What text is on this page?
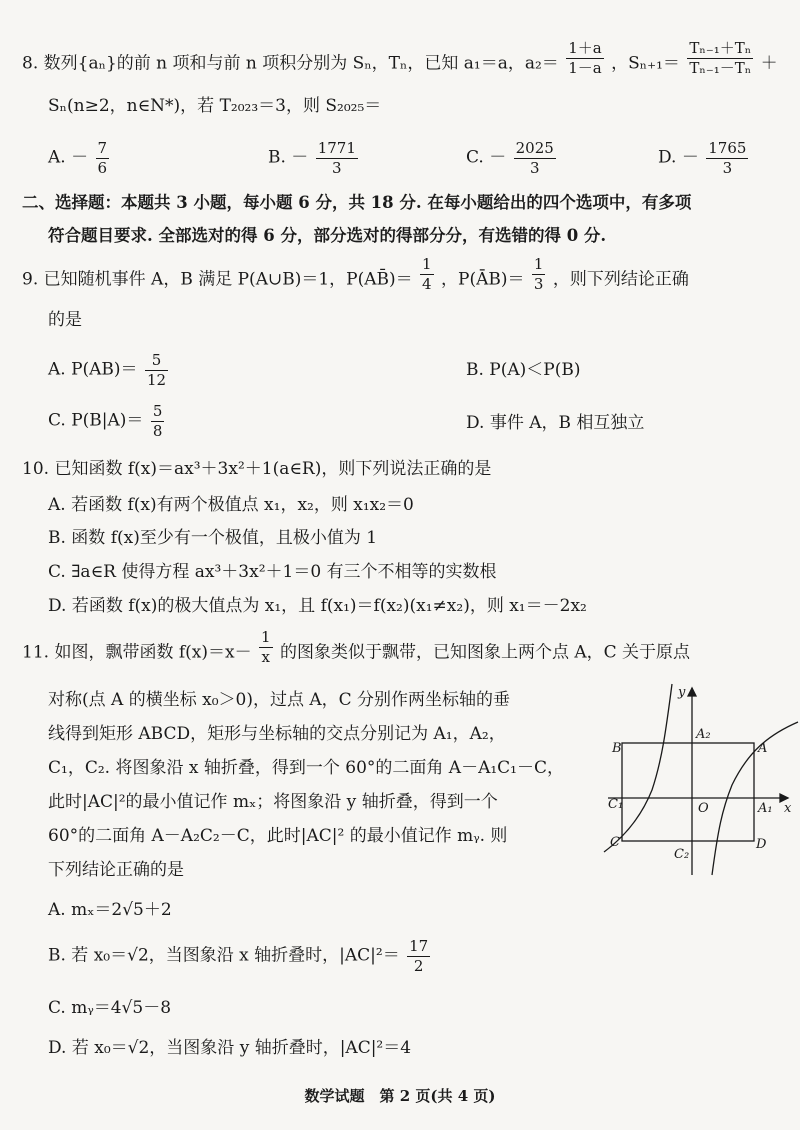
8. 数列{aₙ}的前 n 项和与前 n 项积分别为 Sₙ，Tₙ，已知 a₁＝a，$a_2= \frac{1+a}{1-a}$ ，$S_{n+1}= \frac{\text{Tₙ₋₁＋Tₙ}}{\text{Tₙ₋₁－Tₙ}}$ ＋
Sₙ(n≥2，n∈N*)，若 T₂₀₂₃＝3，则 S₂₀₂₅＝
A. － $\frac{7}{6}$	B. － $\frac{1771}{3}$	C. － $\frac{2025}{3}$	D. － $\frac{1765}{3}$
二、选择题：本题共 3 小题，每小题 6 分，共 18 分. 在每小题给出的四个选项中，有多项
符合题目要求. 全部选对的得 6 分，部分选对的得部分分，有选错的得 0 分.
9. 已知随机事件 A，B 满足 P(A∪B)＝1，P(AB̄)＝ $\frac{1}{4}$ ，P(ĀB)＝ $\frac{1}{3}$ ，则下列结论正确
的是
A. $P(AB)= \frac{5}{12}$	B. P(A)＜P(B)
C. $P(B|A)= \frac{5}{8}$	D. 事件 A，B 相互独立
10. 已知函数 f(x)＝ax³＋3x²＋1(a∈R)，则下列说法正确的是
A. 若函数 f(x)有两个极值点 x₁，x₂，则 x₁x₂＝0
B. 函数 f(x)至少有一个极值，且极小值为 1
C. ∃a∈R 使得方程 ax³＋3x²＋1＝0 有三个不相等的实数根
D. 若函数 f(x)的极大值点为 x₁，且 f(x₁)＝f(x₂)(x₁≠x₂)，则 x₁＝－2x₂
11. 如图，飘带函数 $f(x)=x- \frac{1}{x}$ 的图象类似于飘带，已知图象上两个点 A，C 关于原点
对称(点 A 的横坐标 x₀＞0)，过点 A，C 分别作两坐标轴的垂
线得到矩形 ABCD，矩形与坐标轴的交点分别记为 A₁，A₂，
C₁，C₂. 将图象沿 x 轴折叠，得到一个 60°的二面角 A－A₁C₁－C，
此时|AC|²的最小值记作 mₓ；将图象沿 y 轴折叠，得到一个
60°的二面角 A－A₂C₂－C，此时|AC|² 的最小值记作 mᵧ. 则
下列结论正确的是
A. mₓ＝2√5＋2
B. 若 x₀＝√2，当图象沿 x 轴折叠时，$|AC|^2= \frac{17}{2}$
C. mᵧ＝4√5－8
D. 若 x₀＝√2，当图象沿 y 轴折叠时，|AC|²＝4
y
x
O
A₂
B	A
C₁	A₁
C
C₂
D
数学试题　第 2 页(共 4 页)
